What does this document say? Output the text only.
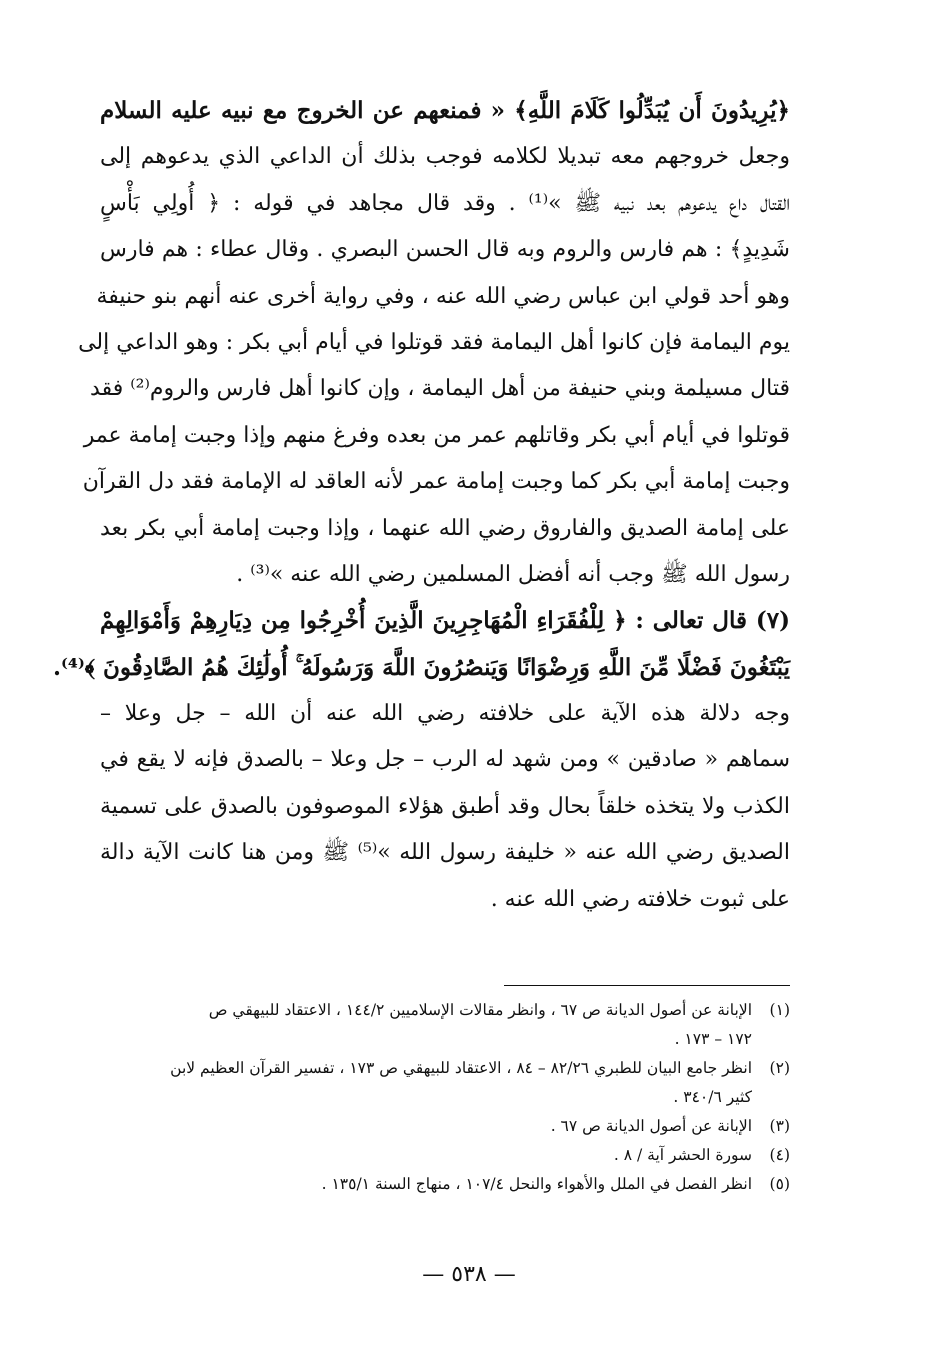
﴿يُرِيدُونَ أَن يُبَدِّلُوا كَلَامَ اللَّهِ﴾ « فمنعهم عن الخروج مع نبيه عليه السلام
وجعل خروجهم معه تبديلا لكلامه فوجب بذلك أن الداعي الذي يدعوهم إلى
القتال داع يدعوهم بعد نبيه ﷺ »⁽¹⁾ . وقد قال مجاهد في قوله : ﴿ أُولِي بَأْسٍ
شَدِيدٍ﴾ : هم فارس والروم وبه قال الحسن البصري . وقال عطاء : هم فارس
وهو أحد قولي ابن عباس رضي الله عنه ، وفي رواية أخرى عنه أنهم بنو حنيفة
يوم اليمامة فإن كانوا أهل اليمامة فقد قوتلوا في أيام أبي بكر : وهو الداعي إلى
قتال مسيلمة وبني حنيفة من أهل اليمامة ، وإن كانوا أهل فارس والروم⁽²⁾ فقد
قوتلوا في أيام أبي بكر وقاتلهم عمر من بعده وفرغ منهم وإذا وجبت إمامة عمر
وجبت إمامة أبي بكر كما وجبت إمامة عمر لأنه العاقد له الإمامة فقد دل القرآن
على إمامة الصديق والفاروق رضي الله عنهما ، وإذا وجبت إمامة أبي بكر بعد
رسول الله ﷺ وجب أنه أفضل المسلمين رضي الله عنه »⁽³⁾ .
(٧) قال تعالى : ﴿ لِلْفُقَرَاءِ الْمُهَاجِرِينَ الَّذِينَ أُخْرِجُوا مِن دِيَارِهِمْ وَأَمْوَالِهِمْ
يَبْتَغُونَ فَضْلًا مِّنَ اللَّهِ وَرِضْوَانًا وَيَنصُرُونَ اللَّهَ وَرَسُولَهُ ۚ أُولَٰئِكَ هُمُ الصَّادِقُونَ ﴾⁽⁴⁾.
وجه دلالة هذه الآية على خلافته رضي الله عنه أن الله – جل وعلا –
سماهم « صادقين » ومن شهد له الرب – جل وعلا – بالصدق فإنه لا يقع في
الكذب ولا يتخذه خلقاً بحال وقد أطبق هؤلاء الموصوفون بالصدق على تسمية
الصديق رضي الله عنه « خليفة رسول الله »⁽⁵⁾ ﷺ ومن هنا كانت الآية دالة
على ثبوت خلافته رضي الله عنه .
(١)الإبانة عن أصول الديانة ص ٦٧ ، وانظر مقالات الإسلاميين ١٤٤/٢ ، الاعتقاد للبيهقي ص
١٧٢ – ١٧٣ .
(٢)انظر جامع البيان للطبري ٨٢/٢٦ – ٨٤ ، الاعتقاد للبيهقي ص ١٧٣ ، تفسير القرآن العظيم لابن
كثير ٣٤٠/٦ .
(٣)الإبانة عن أصول الديانة ص ٦٧ .
(٤)سورة الحشر آية / ٨ .
(٥)انظر الفصل في الملل والأهواء والنحل ١٠٧/٤ ، منهاج السنة ١٣٥/١ .
— ٥٣٨ —
